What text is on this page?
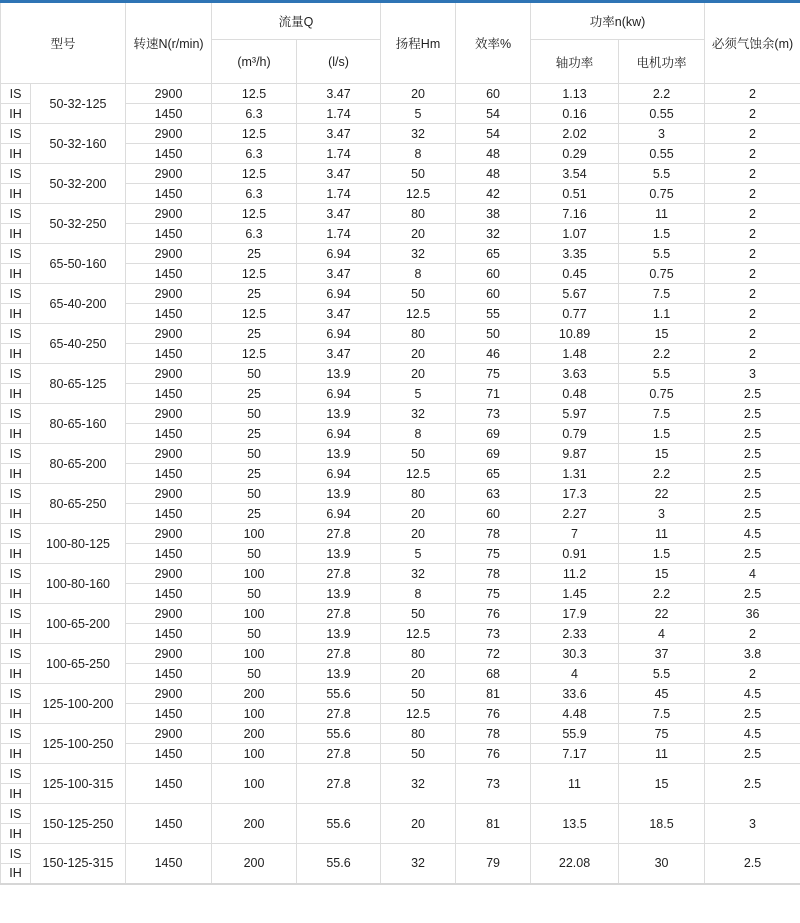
型号		转速N(r/min)	流量Q		扬程Hm	效率%	功率n(kw)		必须气蚀余(m)
			(m³/h)	(l/s)			轴功率	电机功率	
IS	50-32-125	2900	12.5	3.47	20	60	1.13	2.2	2
IH		1450	6.3	1.74	5	54	0.16	0.55	2
IS	50-32-160	2900	12.5	3.47	32	54	2.02	3	2
IH		1450	6.3	1.74	8	48	0.29	0.55	2
IS	50-32-200	2900	12.5	3.47	50	48	3.54	5.5	2
IH		1450	6.3	1.74	12.5	42	0.51	0.75	2
IS	50-32-250	2900	12.5	3.47	80	38	7.16	11	2
IH		1450	6.3	1.74	20	32	1.07	1.5	2
IS	65-50-160	2900	25	6.94	32	65	3.35	5.5	2
IH		1450	12.5	3.47	8	60	0.45	0.75	2
IS	65-40-200	2900	25	6.94	50	60	5.67	7.5	2
IH		1450	12.5	3.47	12.5	55	0.77	1.1	2
IS	65-40-250	2900	25	6.94	80	50	10.89	15	2
IH		1450	12.5	3.47	20	46	1.48	2.2	2
IS	80-65-125	2900	50	13.9	20	75	3.63	5.5	3
IH		1450	25	6.94	5	71	0.48	0.75	2.5
IS	80-65-160	2900	50	13.9	32	73	5.97	7.5	2.5
IH		1450	25	6.94	8	69	0.79	1.5	2.5
IS	80-65-200	2900	50	13.9	50	69	9.87	15	2.5
IH		1450	25	6.94	12.5	65	1.31	2.2	2.5
IS	80-65-250	2900	50	13.9	80	63	17.3	22	2.5
IH		1450	25	6.94	20	60	2.27	3	2.5
IS	100-80-125	2900	100	27.8	20	78	7	11	4.5
IH		1450	50	13.9	5	75	0.91	1.5	2.5
IS	100-80-160	2900	100	27.8	32	78	11.2	15	4
IH		1450	50	13.9	8	75	1.45	2.2	2.5
IS	100-65-200	2900	100	27.8	50	76	17.9	22	36
IH		1450	50	13.9	12.5	73	2.33	4	2
IS	100-65-250	2900	100	27.8	80	72	30.3	37	3.8
IH		1450	50	13.9	20	68	4	5.5	2
IS	125-100-200	2900	200	55.6	50	81	33.6	45	4.5
IH		1450	100	27.8	12.5	76	4.48	7.5	2.5
IS	125-100-250	2900	200	55.6	80	78	55.9	75	4.5
IH		1450	100	27.8	50	76	7.17	11	2.5
IS	125-100-315	1450	100	27.8	32	73	11	15	2.5
IH									
IS	150-125-250	1450	200	55.6	20	81	13.5	18.5	3
IH									
IS	150-125-315	1450	200	55.6	32	79	22.08	30	2.5
IH									
